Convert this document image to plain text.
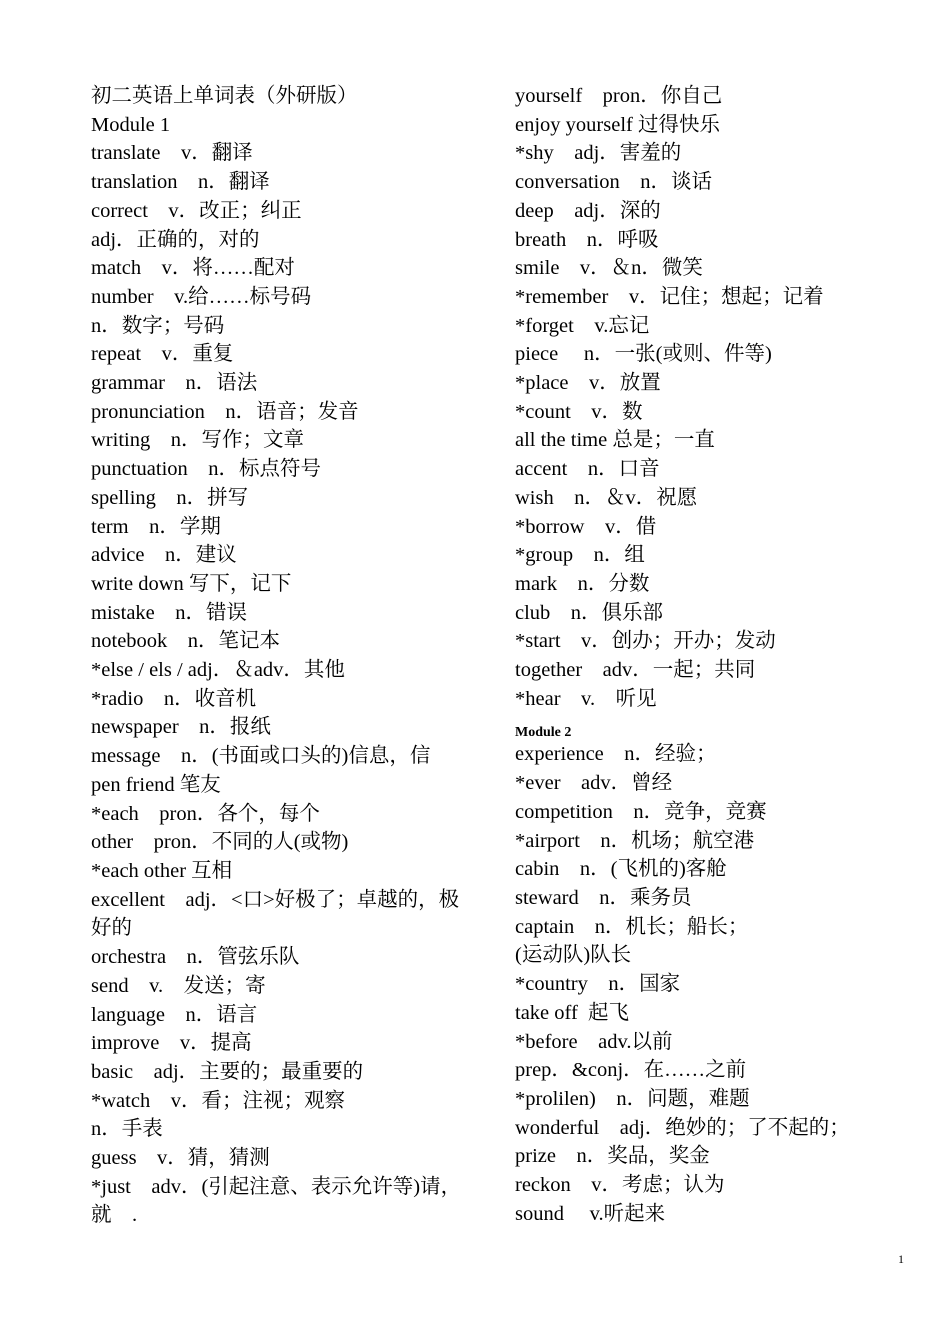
初二英语上单词表（外研版）
Module 1
translate　v．翻译
translation　n．翻译
correct　v．改正；纠正
adj．正确的，对的
match　v．将……配对
number　v.给……标号码
n．数字；号码
repeat　v．重复
grammar　n．语法
pronunciation　n．语音；发音
writing　n．写作；文章
punctuation　n．标点符号
spelling　n．拼写
term　n．学期
advice　n．建议
write down 写下，记下
mistake　n．错误
notebook　n．笔记本
*else / els / adj．＆adv．其他
*radio　n．收音机
newspaper　n．报纸
message　n．(书面或口头的)信息，信
pen friend 笔友
*each　pron．各个，每个
other　pron．不同的人(或物)
*each other 互相
excellent　adj．<口>好极了；卓越的，极
好的
orchestra　n．管弦乐队
send　v.　发送；寄
language　n．语言
improve　v．提高
basic　adj．主要的；最重要的
*watch　v．看；注视；观察
n．手表
guess　v．猜，猜测
*just　adv．(引起注意、表示允许等)请，
就　.
yourself　pron．你自己
enjoy yourself 过得快乐
*shy　adj．害羞的
conversation　n．谈话
deep　adj．深的
breath　n．呼吸
smile　v．＆n．微笑
*remember　v．记住；想起；记着
*forget　v.忘记
piece　 n．一张(或则、件等)
*place　v．放置
*count　v．数
all the time 总是；一直
accent　n．口音
wish　n．＆v．祝愿
*borrow　v．借
*group　n．组
mark　n．分数
club　n．俱乐部
*start　v．创办；开办；发动
together　adv．一起；共同
*hear　v.　听见
Module 2
experience　n．经验；
*ever　adv．曾经
competition　n．竞争，竞赛
*airport　n．机场；航空港
cabin　n．(飞机的)客舱
steward　n．乘务员
captain　n．机长；船长；
(运动队)队长
*country　n．国家
take off  起飞
*before　adv.以前
prep．&conj．在……之前
*prolilen)　n．问题，难题
wonderful　adj．绝妙的；了不起的；
prize　n．奖品，奖金
reckon　v．考虑；认为
sound　 v.听起来
1
